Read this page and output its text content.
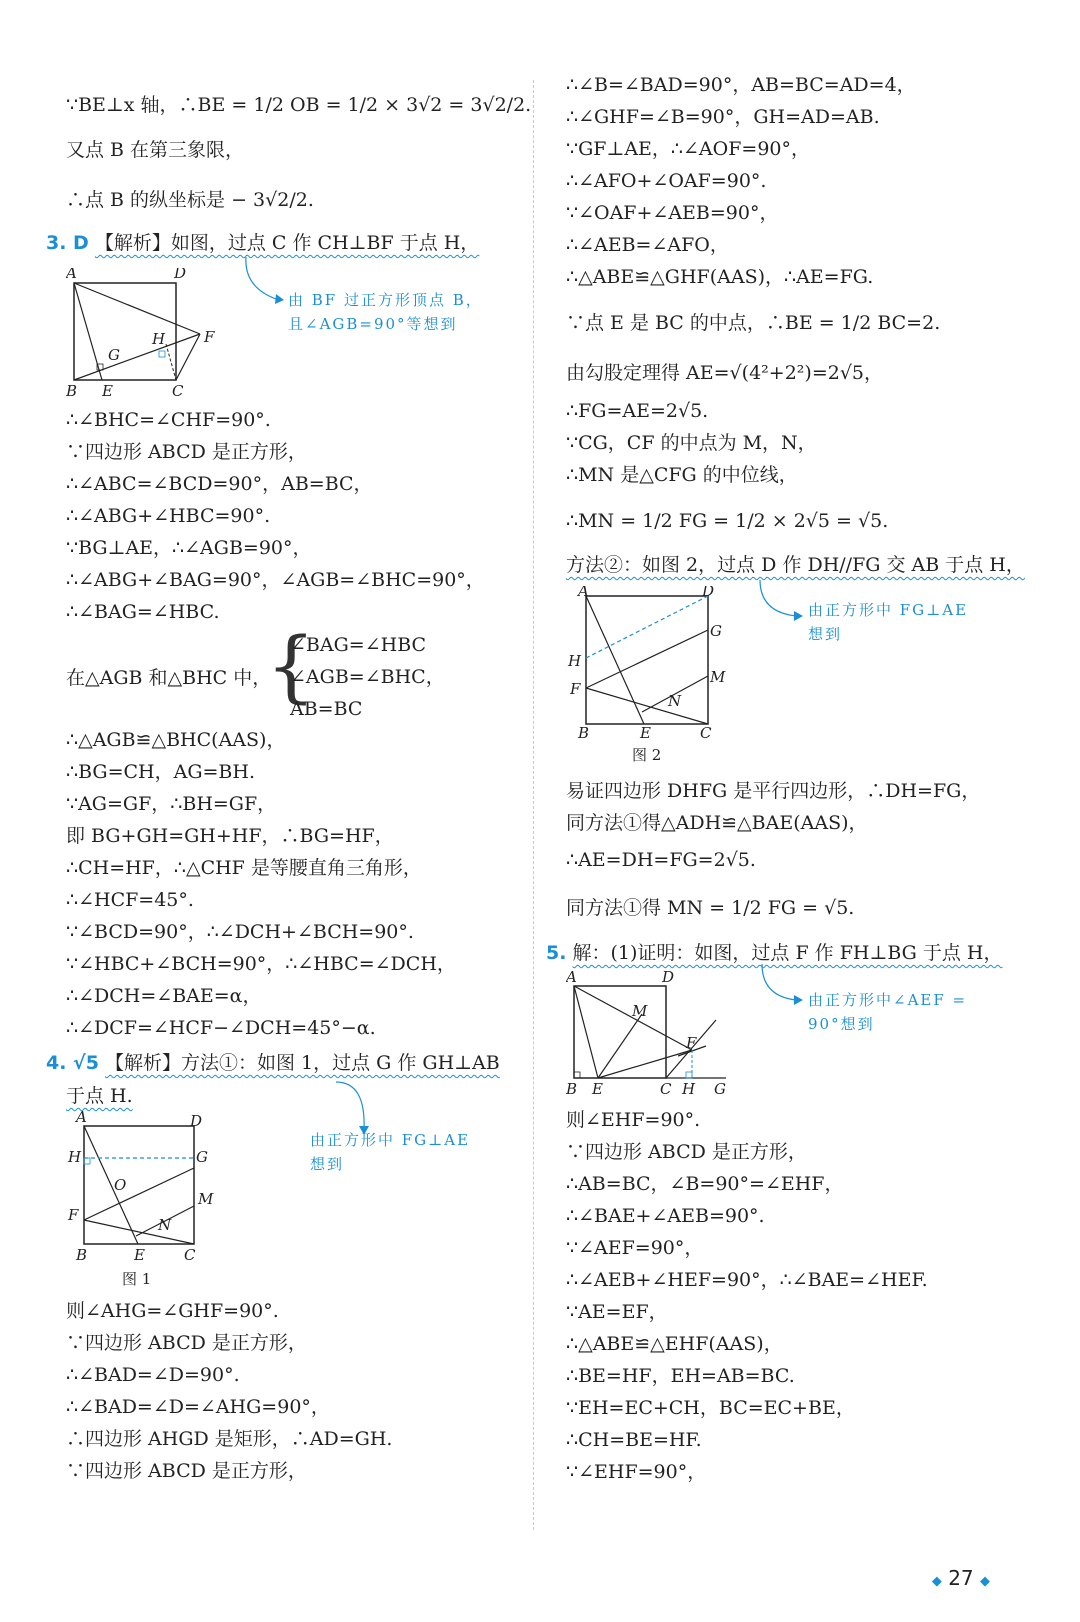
∵BE⊥x 轴，∴BE = 1/2 OB = 1/2 × 3√2 = 3√2/2.
又点 B 在第三象限，
∴点 B 的纵坐标是 − 3√2/2.
3. D 【解析】如图，过点 C 作 CH⊥BF 于点 H，
A	D
B E	C
F
H
G
由 BF 过正方形顶点 B，
且∠AGB=90°等想到
∴∠BHC=∠CHF=90°.
∵四边形 ABCD 是正方形，
∴∠ABC=∠BCD=90°，AB=BC，
∴∠ABG+∠HBC=90°.
∵BG⊥AE，∴∠AGB=90°，
∴∠ABG+∠BAG=90°，∠AGB=∠BHC=90°，
∴∠BAG=∠HBC.
在△AGB 和△BHC 中，
{
∠BAG=∠HBC
∠AGB=∠BHC，
AB=BC
∴△AGB≌△BHC(AAS)，
∴BG=CH，AG=BH.
∵AG=GF，∴BH=GF，
即 BG+GH=GH+HF，∴BG=HF，
∴CH=HF，∴△CHF 是等腰直角三角形，
∴∠HCF=45°.
∵∠BCD=90°，∴∠DCH+∠BCH=90°.
∵∠HBC+∠BCH=90°，∴∠HBC=∠DCH，
∴∠DCH=∠BAE=α，
∴∠DCF=∠HCF−∠DCH=45°−α.
4. √5 【解析】方法①：如图 1，过点 G 作 GH⊥AB
于点 H.
A	D
H	G
O
M
F
N
B	E	C
图 1
由正方形中 FG⊥AE
想到
则∠AHG=∠GHF=90°.
∵四边形 ABCD 是正方形，
∴∠BAD=∠D=90°.
∴∠BAD=∠D=∠AHG=90°，
∴四边形 AHGD 是矩形，∴AD=GH.
∵四边形 ABCD 是正方形，
∴∠B=∠BAD=90°，AB=BC=AD=4，
∴∠GHF=∠B=90°，GH=AD=AB.
∵GF⊥AE，∴∠AOF=90°，
∴∠AFO+∠OAF=90°.
∵∠OAF+∠AEB=90°，
∴∠AEB=∠AFO，
∴△ABE≌△GHF(AAS)，∴AE=FG.
∵点 E 是 BC 的中点，∴BE = 1/2 BC=2.
由勾股定理得 AE=√(4²+2²)=2√5，
∴FG=AE=2√5.
∵CG，CF 的中点为 M，N，
∴MN 是△CFG 的中位线，
∴MN = 1/2 FG = 1/2 × 2√5 = √5.
方法②：如图 2，过点 D 作 DH//FG 交 AB 于点 H，
A	D
G
H
M
F
N
B	E	C
图 2
由正方形中 FG⊥AE
想到
易证四边形 DHFG 是平行四边形，∴DH=FG，
同方法①得△ADH≌△BAE(AAS)，
∴AE=DH=FG=2√5.
同方法①得 MN = 1/2 FG = √5.
5. 解：(1)证明：如图，过点 F 作 FH⊥BG 于点 H，
A	D
M
F
B E	C H G
由正方形中∠AEF =
90°想到
则∠EHF=90°.
∵四边形 ABCD 是正方形，
∴AB=BC，∠B=90°=∠EHF，
∴∠BAE+∠AEB=90°.
∵∠AEF=90°，
∴∠AEB+∠HEF=90°，∴∠BAE=∠HEF.
∵AE=EF，
∴△ABE≌△EHF(AAS)，
∴BE=HF，EH=AB=BC.
∵EH=EC+CH，BC=EC+BE，
∴CH=BE=HF.
∵∠EHF=90°，
◆ 27 ◆
